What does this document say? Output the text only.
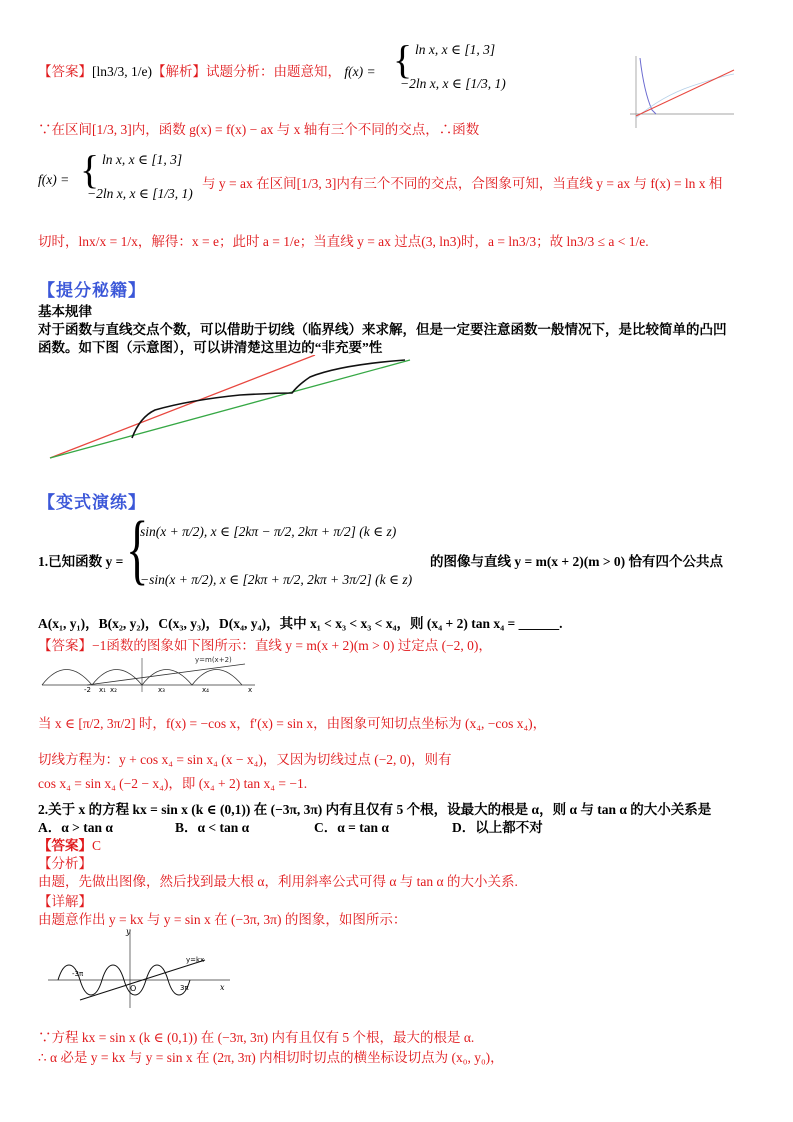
【答案】[ln3/3, 1/e)【解析】试题分析：由题意知， f(x) = { ln x, x ∈ [1, 3]
−2ln x, x ∈ [1/3, 1)
∵在区间[1/3, 3]内，函数 g(x) = f(x) − ax 与 x 轴有三个不同的交点，∴函数
f(x) = { ln x, x ∈ [1, 3]
−2ln x, x ∈ [1/3, 1)
与 y = ax 在区间[1/3, 3]内有三个不同的交点，合图象可知，当直线 y = ax 与 f(x) = ln x 相
切时，lnx/x = 1/x，解得：x = e；此时 a = 1/e；当直线 y = ax 过点(3, ln3)时，a = ln3/3；故 ln3/3 ≤ a < 1/e.
【提分秘籍】
基本规律
对于函数与直线交点个数，可以借助于切线（临界线）来求解，但是一定要注意函数一般情况下，是比较简单的凸凹
函数。如下图（示意图），可以讲清楚这里边的“非充要”性
【变式演练】
1.已知函数 y = {
sin(x + π/2), x ∈ [2kπ − π/2, 2kπ + π/2] (k ∈ z)
−sin(x + π/2), x ∈ [2kπ + π/2, 2kπ + 3π/2] (k ∈ z)
的图像与直线 y = m(x + 2)(m > 0) 恰有四个公共点
A(x₁, y₁)，B(x₂, y₂)，C(x₃, y₃)，D(x₄, y₄)，其中 x₁ < x₃ < x₃ < x₄，则 (x₄ + 2) tan x₄ = ______.
【答案】−1函数的图象如下图所示：直线 y = m(x + 2)(m > 0) 过定点 (−2, 0)，
y=m(x+2)
-2 x₁ x₂	x₃	x₄	x
当 x ∈ [π/2, 3π/2] 时，f(x) = −cos x，f′(x) = sin x，由图象可知切点坐标为 (x₄, −cos x₄)，
切线方程为：y + cos x₄ = sin x₄ (x − x₄)，又因为切线过点 (−2, 0)，则有
cos x₄ = sin x₄ (−2 − x₄)，即 (x₄ + 2) tan x₄ = −1.
2.关于 x 的方程 kx = sin x (k ∈ (0,1)) 在 (−3π, 3π) 内有且仅有 5 个根，设最大的根是 α，则 α 与 tan α 的大小关系是
A．α > tan α	B．α < tan α	C．α = tan α	D．以上都不对
【答案】C
【分析】
由题，先做出图像，然后找到最大根 α，利用斜率公式可得 α 与 tan α 的大小关系.
【详解】
由题意作出 y = kx 与 y = sin x 在 (−3π, 3π) 的图象，如图所示：
y
x
-3π
3π
O
y=kx
∵方程 kx = sin x (k ∈ (0,1)) 在 (−3π, 3π) 内有且仅有 5 个根，最大的根是 α.
∴ α 必是 y = kx 与 y = sin x 在 (2π, 3π) 内相切时切点的横坐标设切点为 (x₀, y₀)，
